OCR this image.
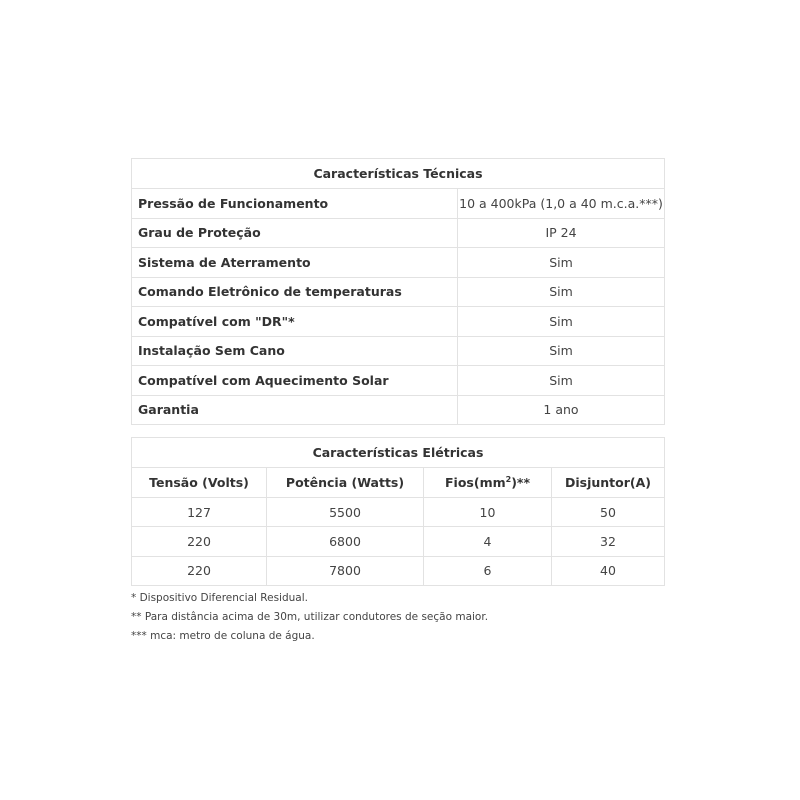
Características Técnicas	
Pressão de Funcionamento	10 a 400kPa (1,0 a 40 m.c.a.***)
Grau de Proteção	IP 24
Sistema de Aterramento	Sim
Comando Eletrônico de temperaturas	Sim
Compatível com "DR"*	Sim
Instalação Sem Cano	Sim
Compatível com Aquecimento Solar	Sim
Garantia	1 ano
Características Elétricas			
Tensão (Volts)	Potência (Watts)	$Fios(mm^2)**$	Disjuntor(A)
127	5500	10	50
220	6800	4	32
220	7800	6	40
* Dispositivo Diferencial Residual.
** Para distância acima de 30m, utilizar condutores de seção maior.
*** mca: metro de coluna de água.
